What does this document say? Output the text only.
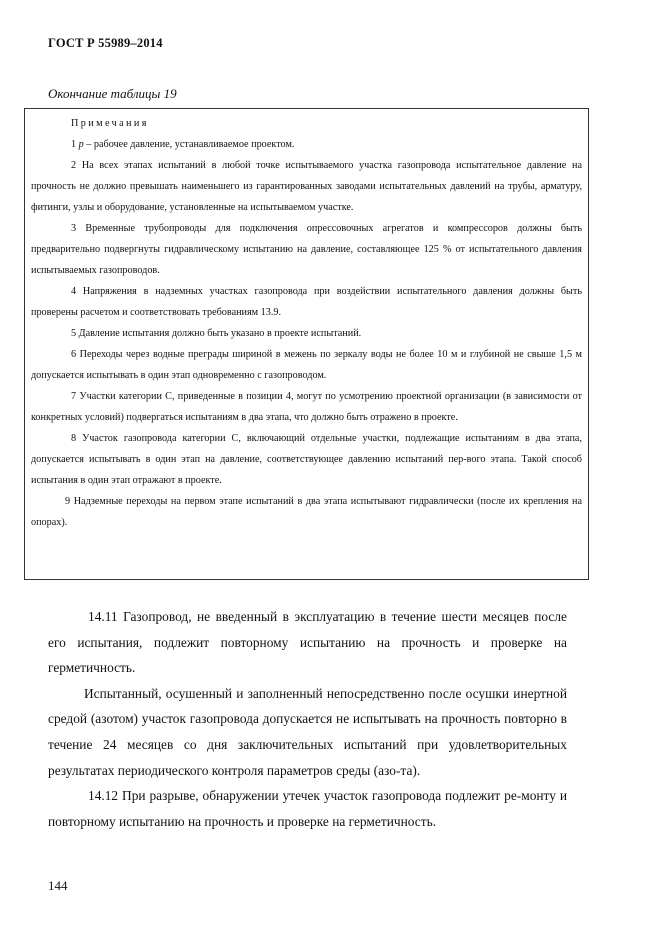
ГОСТ Р 55989–2014
Окончание таблицы 19
Примечания

1 p – рабочее давление, устанавливаемое проектом.

2 На всех этапах испытаний в любой точке испытываемого участка газопровода испытательное давление на прочность не должно превышать наименьшего из гарантированных заводами испытательных давлений на трубы, арматуру, фитинги, узлы и оборудование, установленные на испытываемом участке.

3 Временные трубопроводы для подключения опрессовочных агрегатов и компрессоров должны быть предварительно подвергнуты гидравлическому испытанию на давление, составляющее 125 % от испытательного давления испытываемых газопроводов.

4 Напряжения в надземных участках газопровода при воздействии испытательного давления должны быть проверены расчетом и соответствовать требованиям 13.9.

5 Давление испытания должно быть указано в проекте испытаний.

6 Переходы через водные преграды шириной в межень по зеркалу воды не более 10 м и глубиной не свыше 1,5 м допускается испытывать в один этап одновременно с газопроводом.

7 Участки категории С, приведенные в позиции 4, могут по усмотрению проектной организации (в зависимости от конкретных условий) подвергаться испытаниям в два этапа, что должно быть отражено в проекте.

8 Участок газопровода категории С, включающий отдельные участки, подлежащие испытаниям в два этапа, допускается испытывать в один этап на давление, соответствующее давлению испытаний пер-вого этапа. Такой способ испытания в один этап отражают в проекте.

9 Надземные переходы на первом этапе испытаний в два этапа испытывают гидравлически (после их крепления на опорах).

14.11 Газопровод, не введенный в эксплуатацию в течение шести месяцев после его испытания, подлежит повторному испытанию на прочность и проверке на герметичность.

Испытанный, осушенный и заполненный непосредственно после осушки инертной средой (азотом) участок газопровода допускается не испытывать на прочность повторно в течение 24 месяцев со дня заключительных испытаний при удовлетворительных результатах периодического контроля параметров среды (азо-та).

14.12 При разрыве, обнаружении утечек участок газопровода подлежит ре-монту и повторному испытанию на прочность и проверке на герметичность.

144
